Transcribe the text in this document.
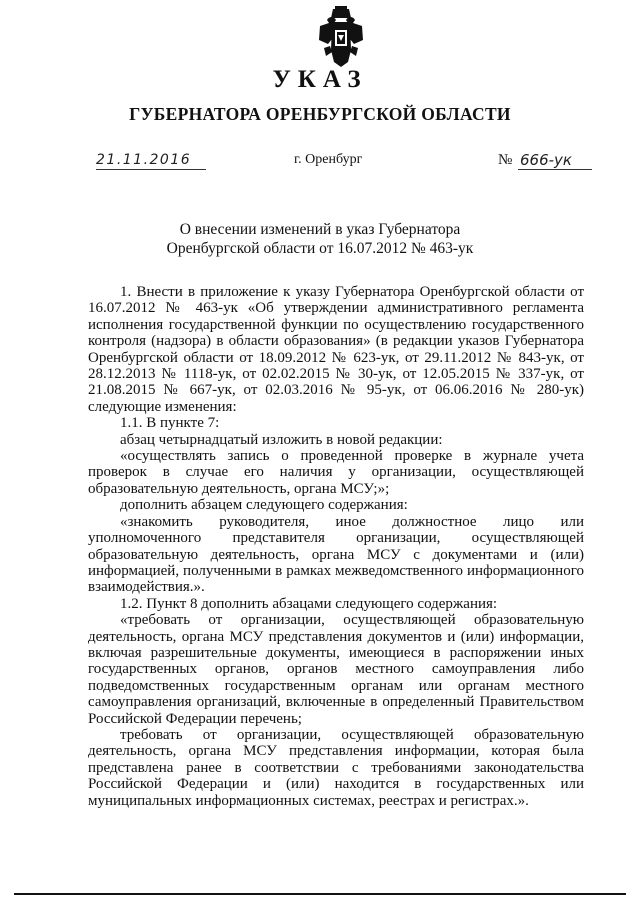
УКАЗ
ГУБЕРНАТОРА ОРЕНБУРГСКОЙ ОБЛАСТИ
21.11.2016	г. Оренбург	№ 666-ук
О внесении изменений в указ Губернатора
Оренбургской области от 16.07.2012 № 463-ук

1. Внести в приложение к указу Губернатора Оренбургской области от 16.07.2012 № 463-ук «Об утверждении административного регламента исполнения государственной функции по осуществлению государственного контроля (надзора) в области образования» (в редакции указов Губернатора Оренбургской области от 18.09.2012 № 623-ук, от 29.11.2012 № 843-ук, от 28.12.2013 № 1118-ук, от 02.02.2015 № 30-ук, от 12.05.2015 № 337-ук, от 21.08.2015 № 667-ук, от 02.03.2016 № 95-ук, от 06.06.2016 № 280-ук) следующие изменения:

1.1. В пункте 7:

абзац четырнадцатый изложить в новой редакции:

«осуществлять запись о проведенной проверке в журнале учета проверок в случае его наличия у организации, осуществляющей образовательную деятельность, органа МСУ;»;

дополнить абзацем следующего содержания:

«знакомить руководителя, иное должностное лицо или уполномоченного представителя организации, осуществляющей образовательную деятельность, органа МСУ с документами и (или) информацией, полученными в рамках межведомственного информационного взаимодействия.».

1.2. Пункт 8 дополнить абзацами следующего содержания:

«требовать от организации, осуществляющей образовательную деятельность, органа МСУ представления документов и (или) информации, включая разрешительные документы, имеющиеся в распоряжении иных государственных органов, органов местного самоуправления либо подведомственных государственным органам или органам местного самоуправления организаций, включенные в определенный Правительством Российской Федерации перечень;

требовать от организации, осуществляющей образовательную деятельность, органа МСУ представления информации, которая была представлена ранее в соответствии с требованиями законодательства Российской Федерации и (или) находится в государственных или муниципальных информационных системах, реестрах и регистрах.».
